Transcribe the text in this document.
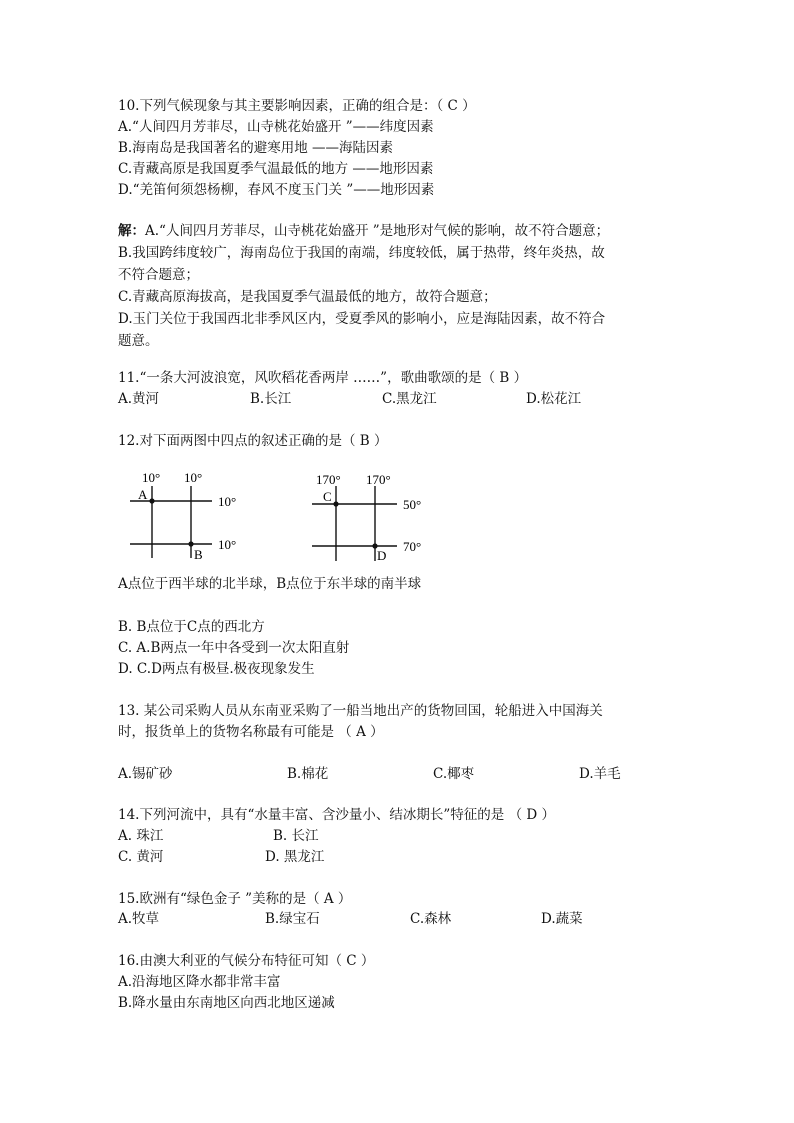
10.下列气候现象与其主要影响因素，正确的组合是：（ C ）
A.“人间四月芳菲尽，山寺桃花始盛开 ”——纬度因素
B.海南岛是我国著名的避寒用地 ——海陆因素
C.青藏高原是我国夏季气温最低的地方 ——地形因素
D.“羌笛何须怨杨柳，春风不度玉门关 ”——地形因素
解：A.“人间四月芳菲尽，山寺桃花始盛开 ”是地形对气候的影响，故不符合题意；
B.我国跨纬度较广，海南岛位于我国的南端，纬度较低，属于热带，终年炎热，故
不符合题意；
C.青藏高原海拔高，是我国夏季气温最低的地方，故符合题意；
D.玉门关位于我国西北非季风区内，受夏季风的影响小，应是海陆因素，故不符合
题意。
11.“一条大河波浪宽，风吹稻花香两岸 ……”，歌曲歌颂的是（ B ）
A.黄河	B.长江	C.黑龙江	D.松花江
12.对下面两图中四点的叙述正确的是（ B ）
10° 10°
10°
10°
A
B
170° 170°
50°
70°
C
D
A点位于西半球的北半球，B点位于东半球的南半球
B. B点位于C点的西北方
C. A.B两点一年中各受到一次太阳直射
D. C.D两点有极昼.极夜现象发生
13. 某公司采购人员从东南亚采购了一船当地出产的货物回国，轮船进入中国海关
时，报货单上的货物名称最有可能是 （ A ）
A.锡矿砂	B.棉花	C.椰枣	D.羊毛
14.下列河流中，具有“水量丰富、含沙量小、结冰期长”特征的是 （ D ）
A. 珠江	B. 长江
C. 黄河	D. 黑龙江
15.欧洲有“绿色金子 ”美称的是（ A ）
A.牧草	B.绿宝石	C.森林	D.蔬菜
16.由澳大利亚的气候分布特征可知（ C ）
A.沿海地区降水都非常丰富
B.降水量由东南地区向西北地区递减
